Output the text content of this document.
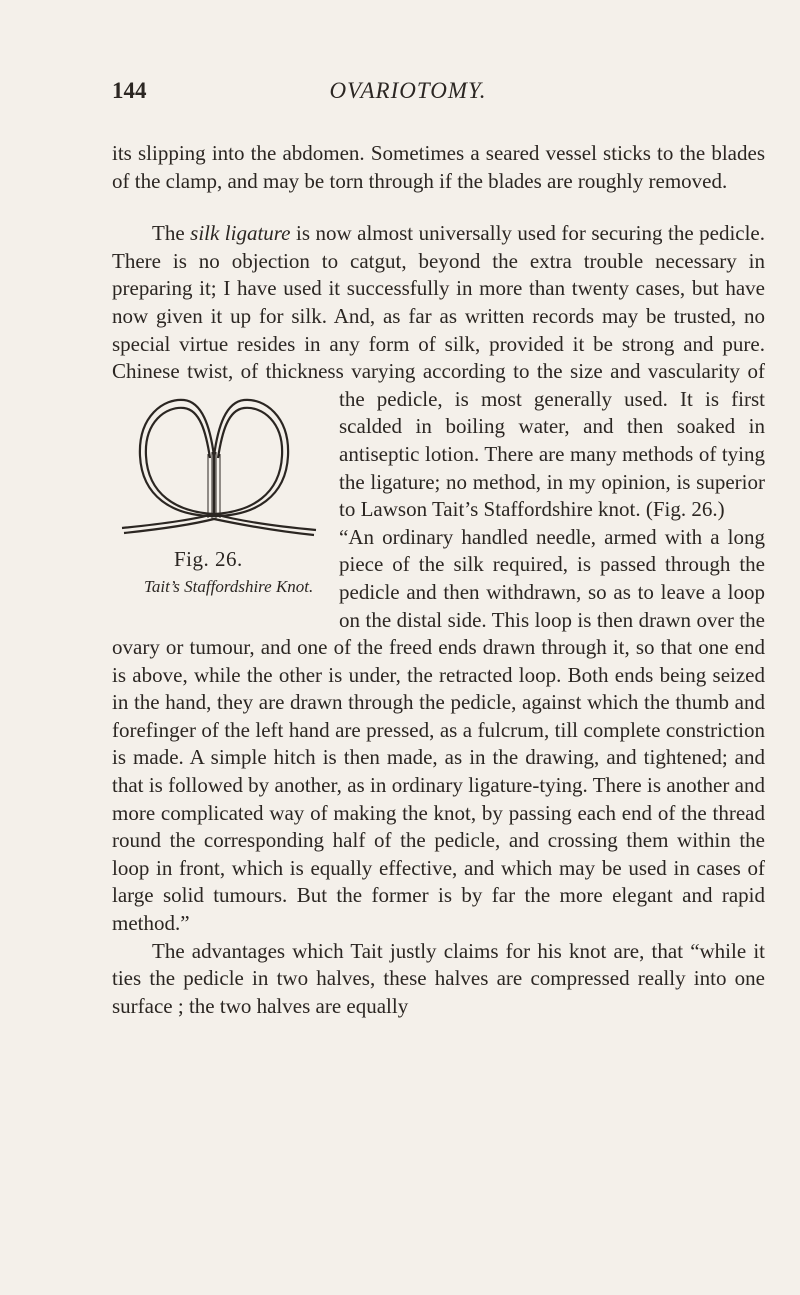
144	OVARIOTOMY.

its slipping into the abdomen. Sometimes a seared vessel sticks to the blades of the clamp, and may be torn through if the blades are roughly removed.

The silk ligature is now almost universally used for securing the pedicle. There is no objection to catgut, beyond the extra trouble necessary in preparing it; I have used it successfully in more than twenty cases, but have now given it up for silk. And, as far as written records may be trusted, no special virtue resides in any form of silk, provided it be strong and pure. Chinese twist, of thickness varying according to the size and vascularity of the pedicle, is most generally used. It is first
Fig. 26.
Tait’s Staffordshire Knot.
scalded in boiling water, and then soaked in antiseptic lotion. There are many methods of tying the ligature; no method, in my opinion, is superior to Lawson Tait’s Staffordshire knot. (Fig. 26.)

“An ordinary handled needle, armed with a long piece of the silk required, is passed through the pedicle and then withdrawn, so as to leave a loop on the distal side. This loop is then drawn over the ovary or tumour, and one of the freed ends drawn through it, so that one end is above, while the other is under, the retracted loop. Both ends being seized in the hand, they are drawn through the pedicle, against which the thumb and forefinger of the left hand are pressed, as a fulcrum, till complete constriction is made. A simple hitch is then made, as in the drawing, and tightened; and that is followed by another, as in ordinary ligature-tying. There is another and more complicated way of making the knot, by passing each end of the thread round the corresponding half of the pedicle, and crossing them within the loop in front, which is equally effective, and which may be used in cases of large solid tumours. But the former is by far the more elegant and rapid method.”

The advantages which Tait justly claims for his knot are, that “while it ties the pedicle in two halves, these halves are compressed really into one surface ; the two halves are equally
